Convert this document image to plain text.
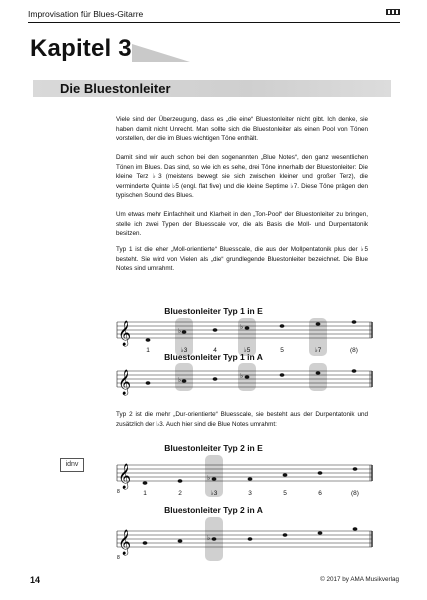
Improvisation für Blues-Gitarre
Kapitel 3
Die Bluestonleiter
Viele sind der Überzeugung, dass es „die eine“ Bluestonleiter nicht gibt. Ich denke, sie haben damit nicht Unrecht. Man sollte sich die Bluestonleiter als einen Pool von Tönen vorstellen, der die im Blues wichtigen Töne enthält.
Damit sind wir auch schon bei den sogenannten „Blue Notes“, den ganz wesentlichen Tönen im Blues. Das sind, so wie ich es sehe, drei Töne innerhalb der Bluestonleiter: Die kleine Terz ♭3 (meistens bewegt sie sich zwischen kleiner und großer Terz), die verminderte Quinte ♭5 (engl. flat five) und die kleine Septime ♭7. Diese Töne prägen den typischen Sound des Blues.
Um etwas mehr Einfachheit und Klarheit in den „Ton-Pool“ der Bluestonleiter zu bringen, stelle ich zwei Typen der Bluesscale vor, die als Basis die Moll- und Durpentatonik besitzen.
Typ 1 ist die eher „Moll-orientierte“ Bluesscale, die aus der Mollpentatonik plus der ♭5 besteht. Sie wird von Vielen als „die“ grundlegende Bluestonleiter bezeichnet. Die Blue Notes sind umrahmt.
Bluestonleiter Typ 1 in E
𝄞	♭	♭
1	♭3	4	♭5	5	♭7	(8)
Bluestonleiter Typ 1 in A
𝄞	♭	♭
Typ 2 ist die mehr „Dur-orientierte“ Bluesscale, sie besteht aus der Durpentatonik und zusätzlich der ♭3. Auch hier sind die Blue Notes umrahmt:
Bluestonleiter Typ 2 in E
𝄞
8
♭
1	2	♭3	3	5	6	(8)
idnv
Bluestonleiter Typ 2 in A
𝄞
8
♭
14	© 2017 by AMA Musikverlag
